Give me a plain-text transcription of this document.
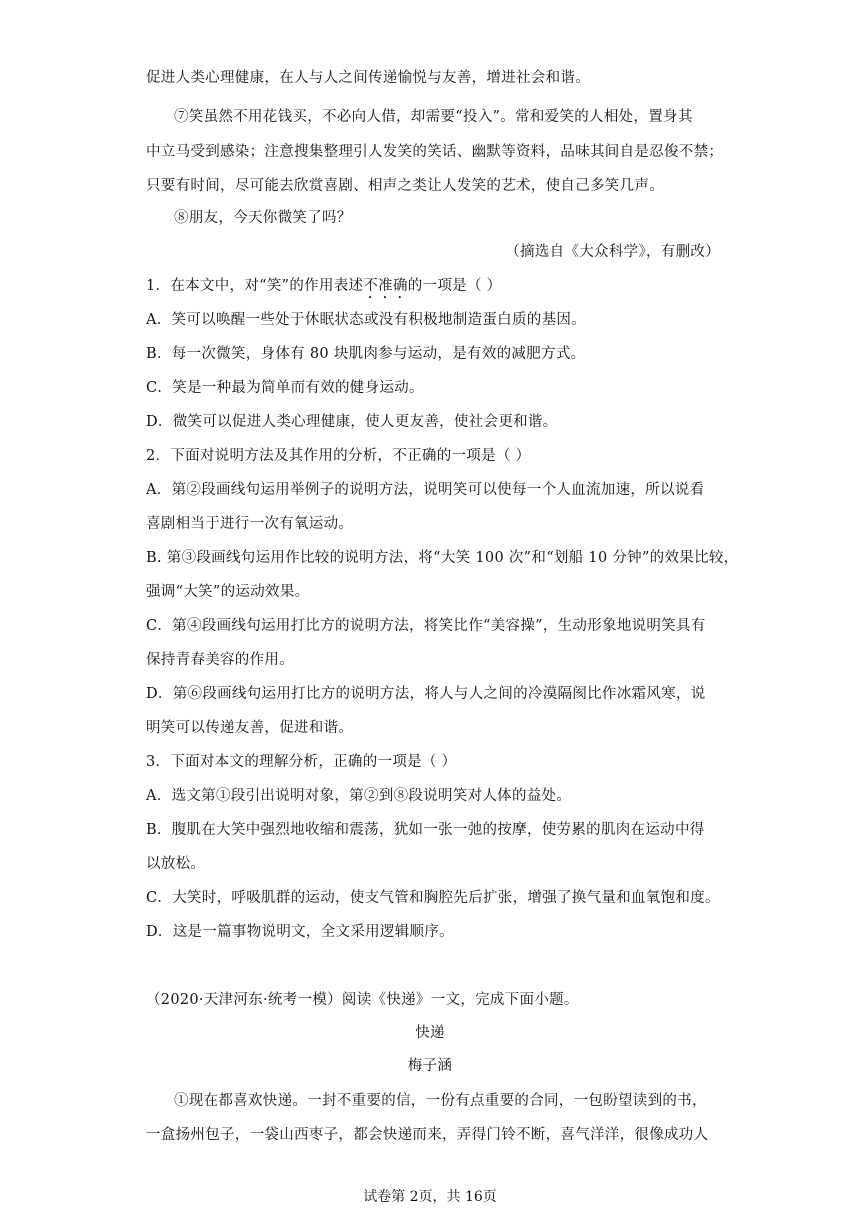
促进人类心理健康，在人与人之间传递愉悦与友善，增进社会和谐。
⑦笑虽然不用花钱买，不必向人借，却需要“投入”。常和爱笑的人相处，置身其
中立马受到感染；注意搜集整理引人发笑的笑话、幽默等资料，品味其间自是忍俊不禁；
只要有时间，尽可能去欣赏喜剧、相声之类让人发笑的艺术，使自己多笑几声。
⑧朋友，今天你微笑了吗？
（摘选自《大众科学》，有删改）
1．在本文中，对“笑”的作用表述不准确的一项是（ ）
A．笑可以唤醒一些处于休眠状态或没有积极地制造蛋白质的基因。
B．每一次微笑，身体有 80 块肌肉参与运动，是有效的减肥方式。
C．笑是一种最为简单而有效的健身运动。
D．微笑可以促进人类心理健康，使人更友善，使社会更和谐。
2．下面对说明方法及其作用的分析，不正确的一项是（ ）
A．第②段画线句运用举例子的说明方法，说明笑可以使每一个人血流加速，所以说看
喜剧相当于进行一次有氧运动。
B. 第③段画线句运用作比较的说明方法，将“大笑 100 次”和“划船 10 分钟”的效果比较，
强调“大笑”的运动效果。
C．第④段画线句运用打比方的说明方法，将笑比作“美容操”，生动形象地说明笑具有
保持青春美容的作用。
D．第⑥段画线句运用打比方的说明方法，将人与人之间的冷漠隔阂比作冰霜风寒，说
明笑可以传递友善，促进和谐。
3．下面对本文的理解分析，正确的一项是（ ）
A．选文第①段引出说明对象，第②到⑧段说明笑对人体的益处。
B．腹肌在大笑中强烈地收缩和震荡，犹如一张一弛的按摩，使劳累的肌肉在运动中得
以放松。
C．大笑时，呼吸肌群的运动，使支气管和胸腔先后扩张，增强了换气量和血氧饱和度。
D．这是一篇事物说明文，全文采用逻辑顺序。
（2020·天津河东·统考一模）阅读《快递》一文，完成下面小题。
快递
梅子涵
①现在都喜欢快递。一封不重要的信，一份有点重要的合同，一包盼望读到的书，
一盒扬州包子，一袋山西枣子，都会快递而来，弄得门铃不断，喜气洋洋，很像成功人
试卷第 2页，共 16页
